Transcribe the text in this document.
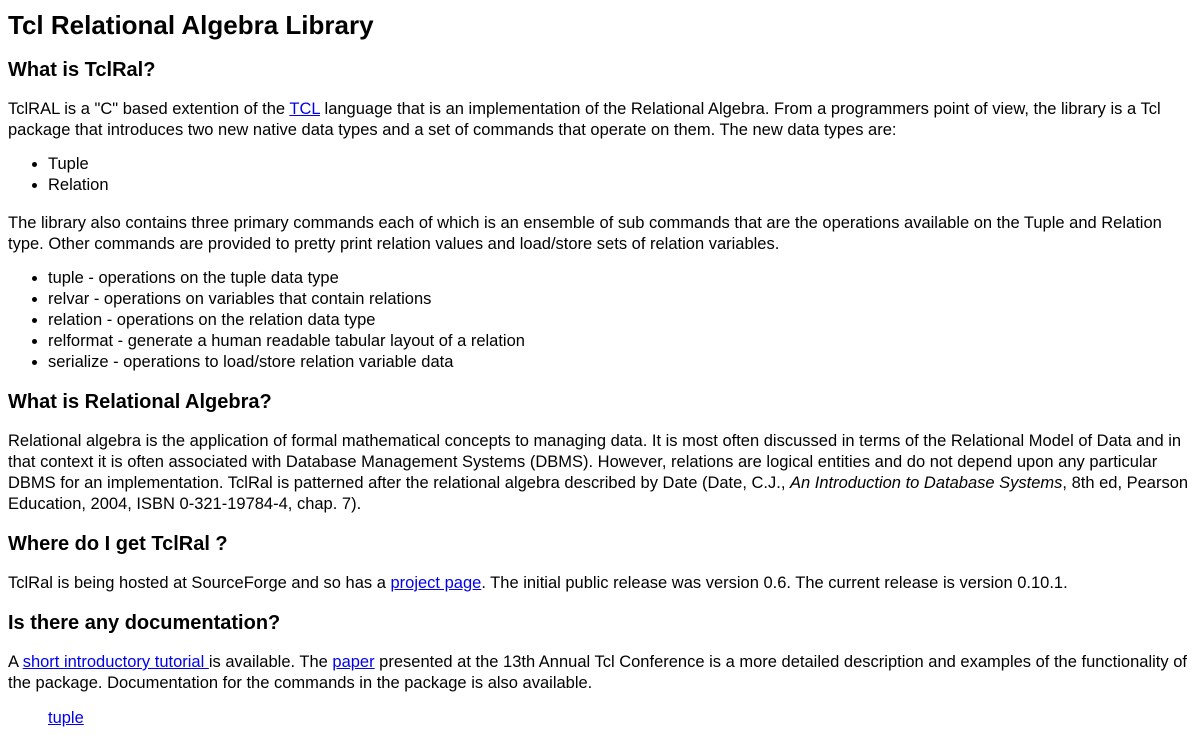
Tcl Relational Algebra Library
What is TclRal?

TclRAL is a "C" based extention of the TCL language that is an implementation of the Relational Algebra. From a programmers point of view, the library is a Tcl package that introduces two new native data types and a set of commands that operate on them. The new data types are:

• Tuple
• Relation

The library also contains three primary commands each of which is an ensemble of sub commands that are the operations available on the Tuple and Relation type. Other commands are provided to pretty print relation values and load/store sets of relation variables.

• tuple - operations on the tuple data type
• relvar - operations on variables that contain relations
• relation - operations on the relation data type
• relformat - generate a human readable tabular layout of a relation
• serialize - operations to load/store relation variable data
What is Relational Algebra?

Relational algebra is the application of formal mathematical concepts to managing data. It is most often discussed in terms of the Relational Model of Data and in that context it is often associated with Database Management Systems (DBMS). However, relations are logical entities and do not depend upon any particular DBMS for an implementation. TclRal is patterned after the relational algebra described by Date (Date, C.J., An Introduction to Database Systems, 8th ed, Pearson Education, 2004, ISBN 0-321-19784-4, chap. 7).

Where do I get TclRal ?

TclRal is being hosted at SourceForge and so has a project page. The initial public release was version 0.6. The current release is version 0.10.1.

Is there any documentation?

A short introductory tutorial is available. The paper presented at the 13th Annual Tcl Conference is a more detailed description and examples of the functionality of the package. Documentation for the commands in the package is also available.

tuple
